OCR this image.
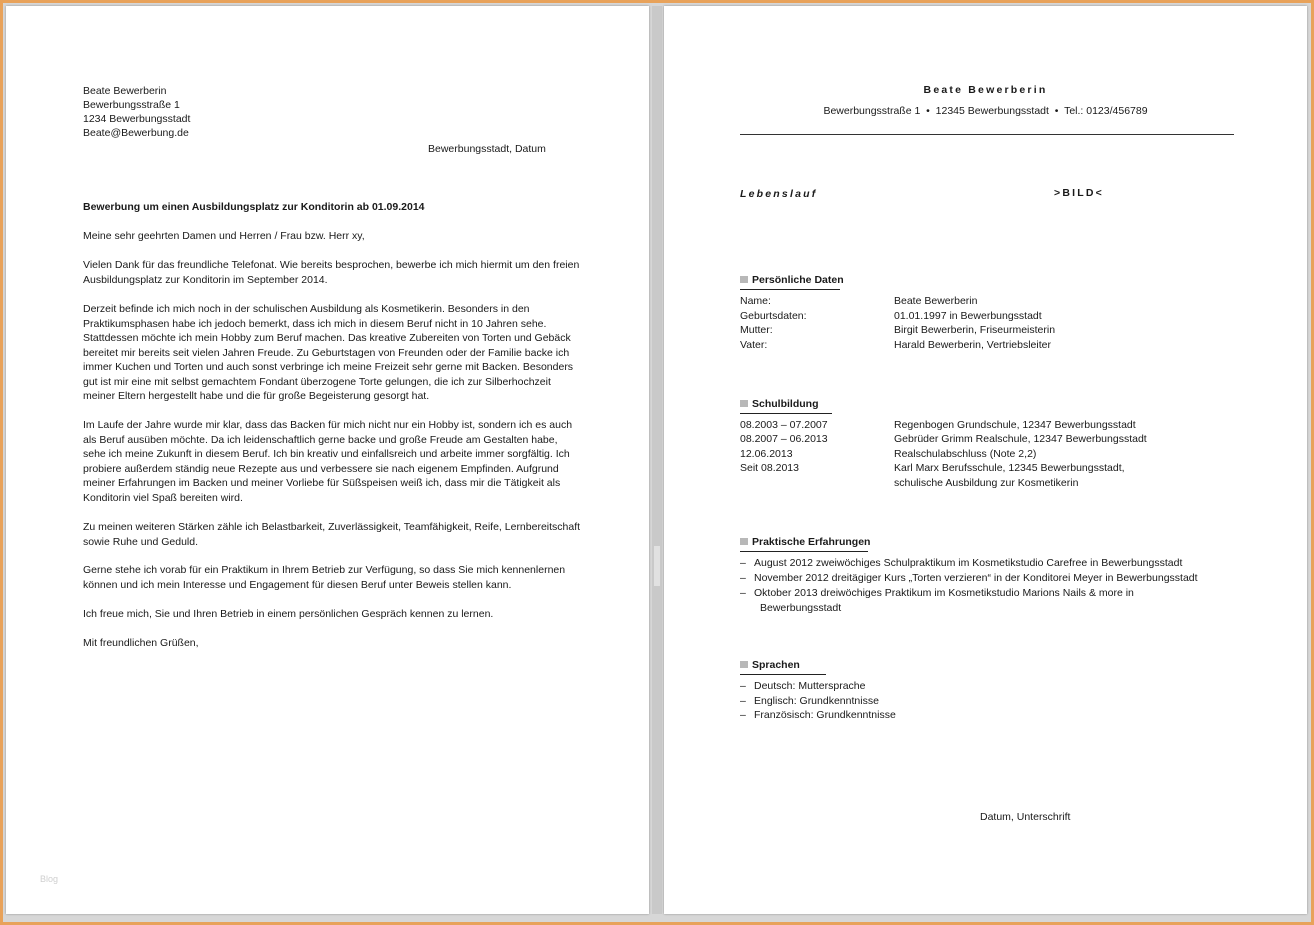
Beate Bewerberin

Bewerbungsstraße 1

1234 Bewerbungsstadt

Beate@Bewerbung.de

Bewerbungsstadt, Datum

Bewerbung um einen Ausbildungsplatz zur Konditorin ab 01.09.2014

Meine sehr geehrten Damen und Herren / Frau bzw. Herr xy,

Vielen Dank für das freundliche Telefonat. Wie bereits besprochen, bewerbe ich mich hiermit um den freien Ausbildungsplatz zur Konditorin im September 2014.

Derzeit befinde ich mich noch in der schulischen Ausbildung als Kosmetikerin. Besonders in den Praktikumsphasen habe ich jedoch bemerkt, dass ich mich in diesem Beruf nicht in 10 Jahren sehe. Stattdessen möchte ich mein Hobby zum Beruf machen. Das kreative Zubereiten von Torten und Gebäck bereitet mir bereits seit vielen Jahren Freude. Zu Geburtstagen von Freunden oder der Familie backe ich immer Kuchen und Torten und auch sonst verbringe ich meine Freizeit sehr gerne mit Backen. Besonders gut ist mir eine mit selbst gemachtem Fondant überzogene Torte gelungen, die ich zur Silberhochzeit meiner Eltern hergestellt habe und die für große Begeisterung gesorgt hat.

Im Laufe der Jahre wurde mir klar, dass das Backen für mich nicht nur ein Hobby ist, sondern ich es auch als Beruf ausüben möchte. Da ich leidenschaftlich gerne backe und große Freude am Gestalten habe, sehe ich meine Zukunft in diesem Beruf. Ich bin kreativ und einfallsreich und arbeite immer sorgfältig. Ich probiere außerdem ständig neue Rezepte aus und verbessere sie nach eigenem Empfinden. Aufgrund meiner Erfahrungen im Backen und meiner Vorliebe für Süßspeisen weiß ich, dass mir die Tätigkeit als Konditorin viel Spaß bereiten wird.

Zu meinen weiteren Stärken zähle ich Belastbarkeit, Zuverlässigkeit, Teamfähigkeit, Reife, Lernbereitschaft sowie Ruhe und Geduld.

Gerne stehe ich vorab für ein Praktikum in Ihrem Betrieb zur Verfügung, so dass Sie mich kennenlernen können und ich mein Interesse und Engagement für diesen Beruf unter Beweis stellen kann.

Ich freue mich, Sie und Ihren Betrieb in einem persönlichen Gespräch kennen zu lernen.

Mit freundlichen Grüßen,

Blog

Beate Bewerberin

Bewerbungsstraße 1  •  12345 Bewerbungsstadt  •  Tel.: 0123/456789

Lebenslauf	>BILD<

Persönliche Daten

Name:	Beate Bewerberin

Geburtsdaten:	01.01.1997 in Bewerbungsstadt

Mutter:	Birgit Bewerberin, Friseurmeisterin

Vater:	Harald Bewerberin, Vertriebsleiter

Schulbildung

08.2003 – 07.2007	Regenbogen Grundschule, 12347 Bewerbungsstadt

08.2007 – 06.2013	Gebrüder Grimm Realschule, 12347 Bewerbungsstadt

12.06.2013	Realschulabschluss (Note 2,2)

Seit 08.2013	Karl Marx Berufsschule, 12345 Bewerbungsstadt,

schulische Ausbildung zur Kosmetikerin

Praktische Erfahrungen

– August 2012 zweiwöchiges Schulpraktikum im Kosmetikstudio Carefree in Bewerbungsstadt

– November 2012 dreitägiger Kurs „Torten verzieren“ in der Konditorei Meyer in Bewerbungsstadt

– Oktober 2013 dreiwöchiges Praktikum im Kosmetikstudio Marions Nails & more in

Bewerbungsstadt

Sprachen

– Deutsch: Muttersprache

– Englisch: Grundkenntnisse

– Französisch: Grundkenntnisse

Datum, Unterschrift
